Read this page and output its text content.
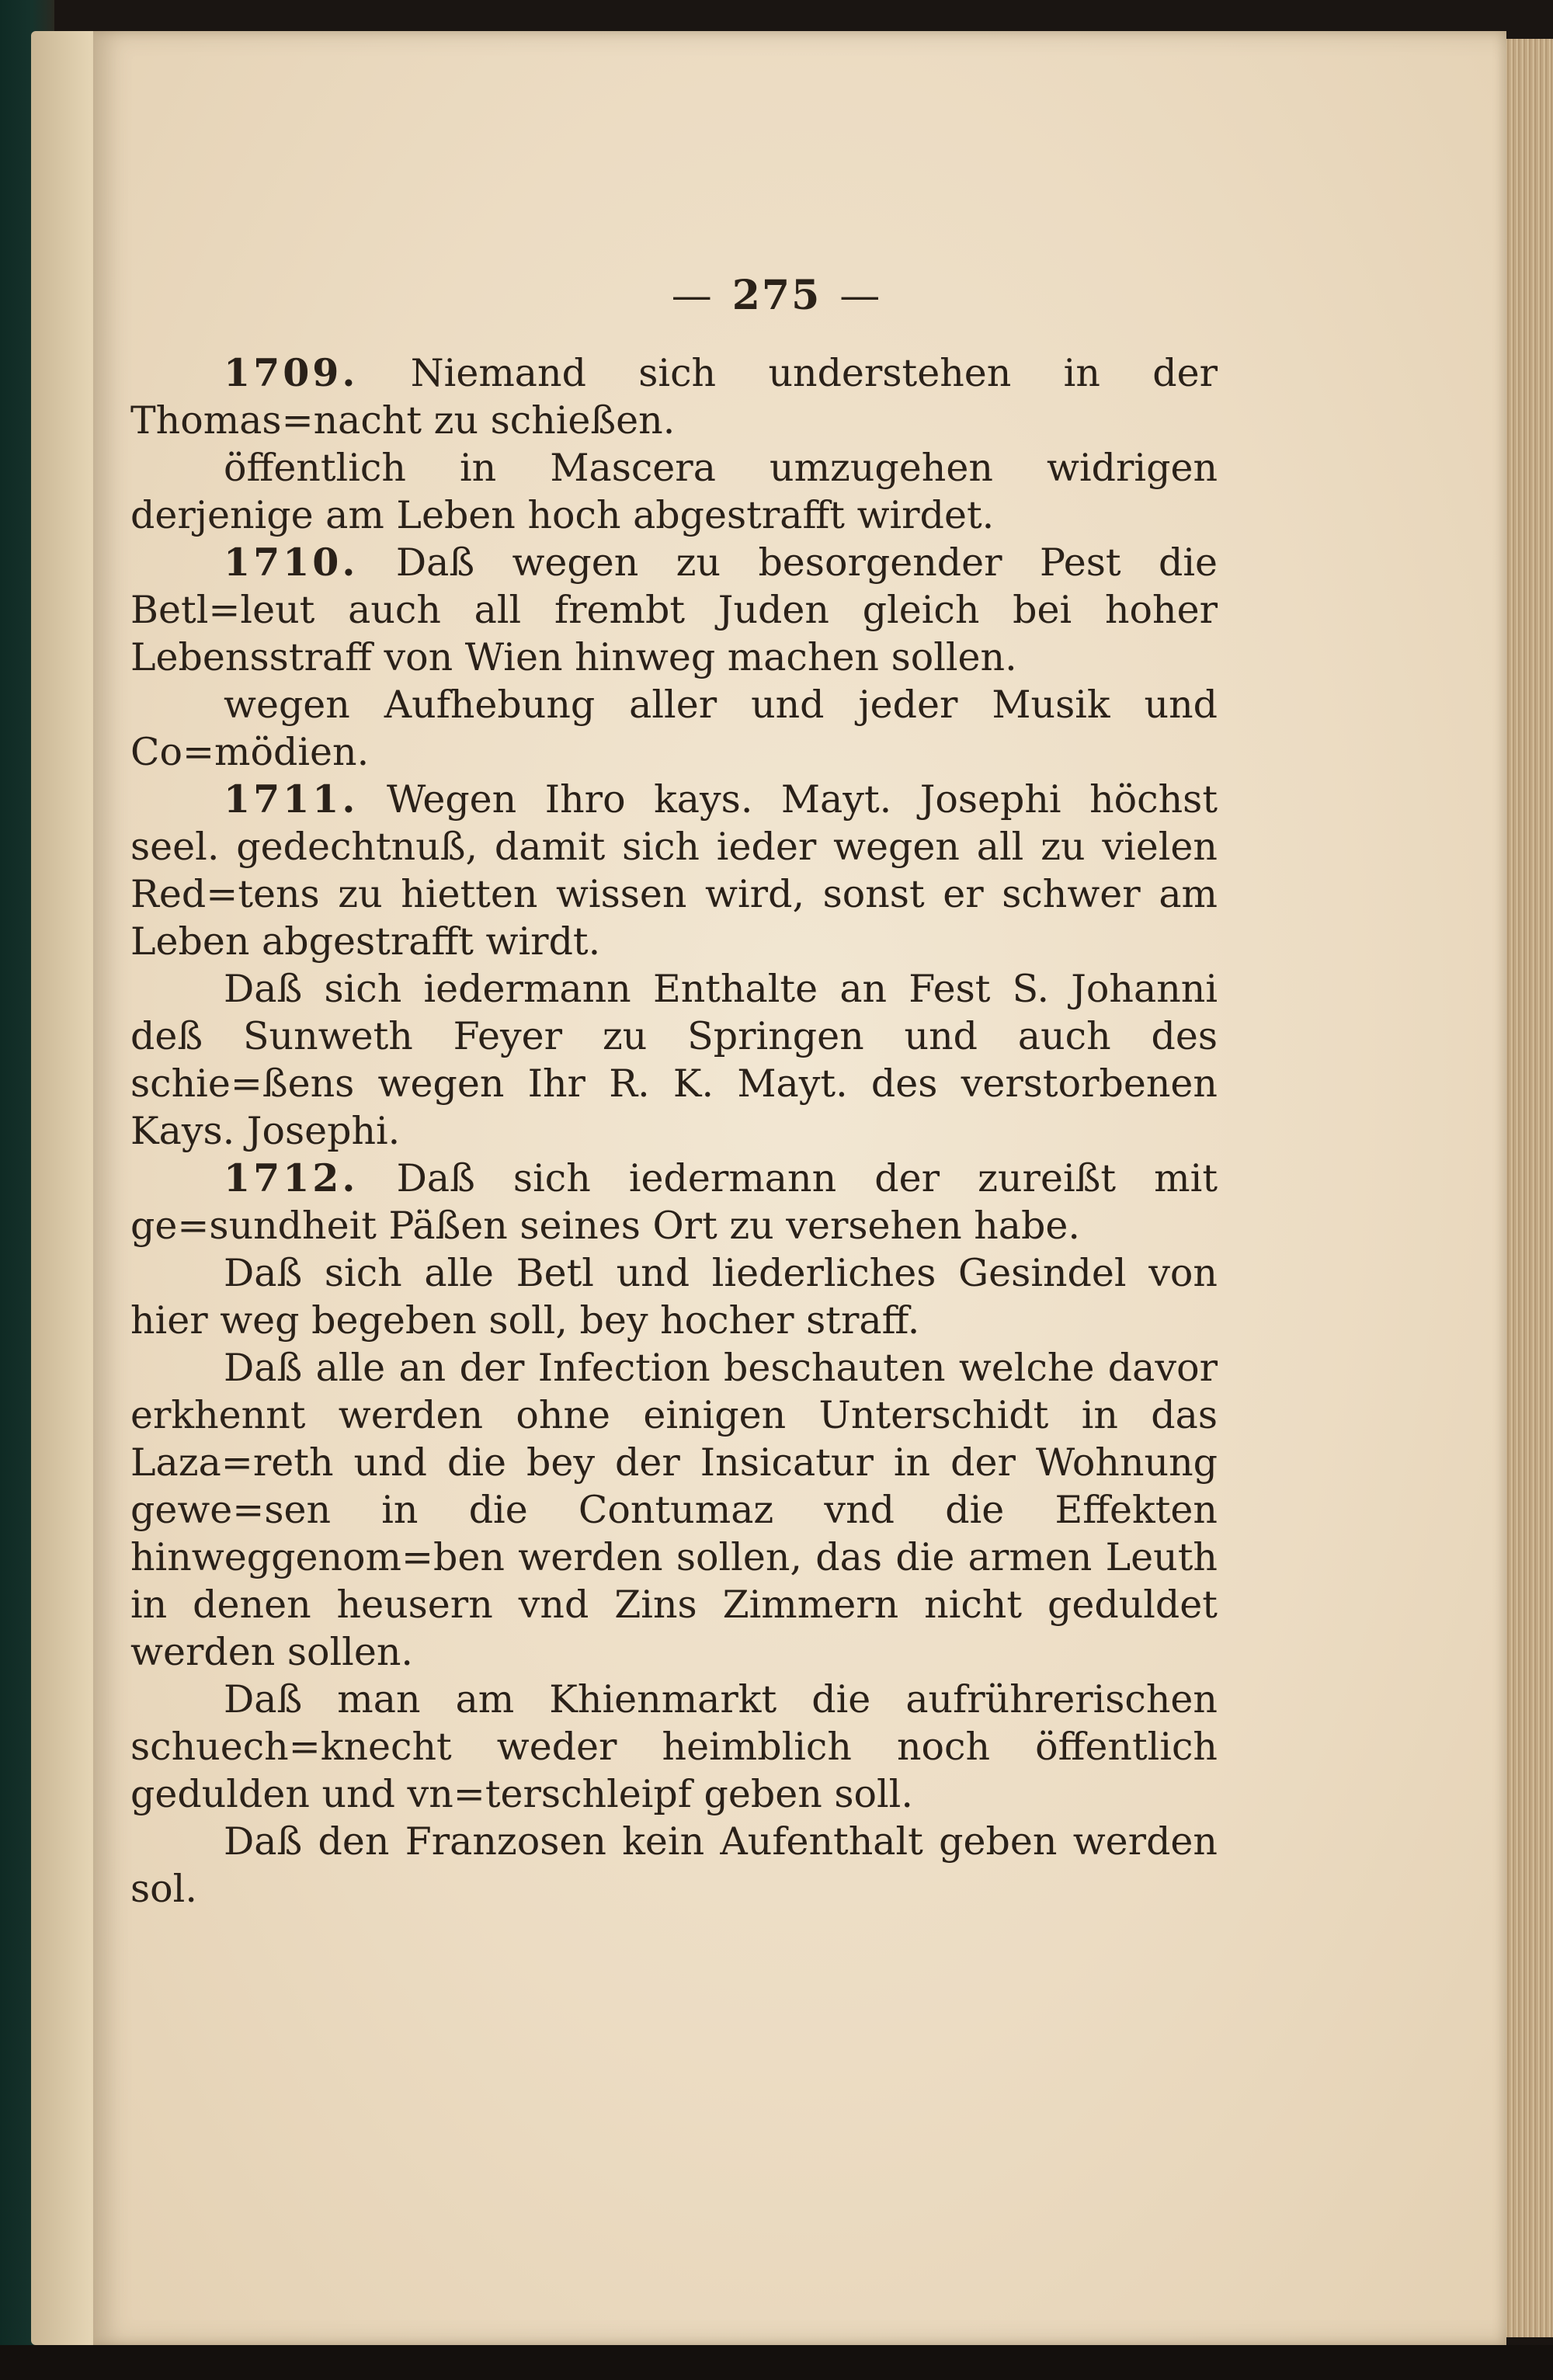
— 275 —

1709. Niemand sich understehen in der Thomas=nacht zu schießen.

öffentlich in Mascera umzugehen widrigen derjenige am Leben hoch abgestrafft wirdet.

1710. Daß wegen zu besorgender Pest die Betl=leut auch all frembt Juden gleich bei hoher Lebensstraff von Wien hinweg machen sollen.

wegen Aufhebung aller und jeder Musik und Co=mödien.

1711. Wegen Ihro kays. Mayt. Josephi höchst seel. gedechtnuß, damit sich ieder wegen all zu vielen Red=tens zu hietten wissen wird, sonst er schwer am Leben abgestrafft wirdt.

Daß sich iedermann Enthalte an Fest S. Johanni deß Sunweth Feyer zu Springen und auch des schie=ßens wegen Ihr R. K. Mayt. des verstorbenen Kays. Josephi.

1712. Daß sich iedermann der zureißt mit ge=sundheit Päßen seines Ort zu versehen habe.

Daß sich alle Betl und liederliches Gesindel von hier weg begeben soll, bey hocher straff.

Daß alle an der Infection beschauten welche davor erkhennt werden ohne einigen Unterschidt in das Laza=reth und die bey der Insicatur in der Wohnung gewe=sen in die Contumaz vnd die Effekten hinweggenom=ben werden sollen, das die armen Leuth in denen heusern vnd Zins Zimmern nicht geduldet werden sollen.

Daß man am Khienmarkt die aufrührerischen schuech=knecht weder heimblich noch öffentlich gedulden und vn=terschleipf geben soll.

Daß den Franzosen kein Aufenthalt geben werden sol.
